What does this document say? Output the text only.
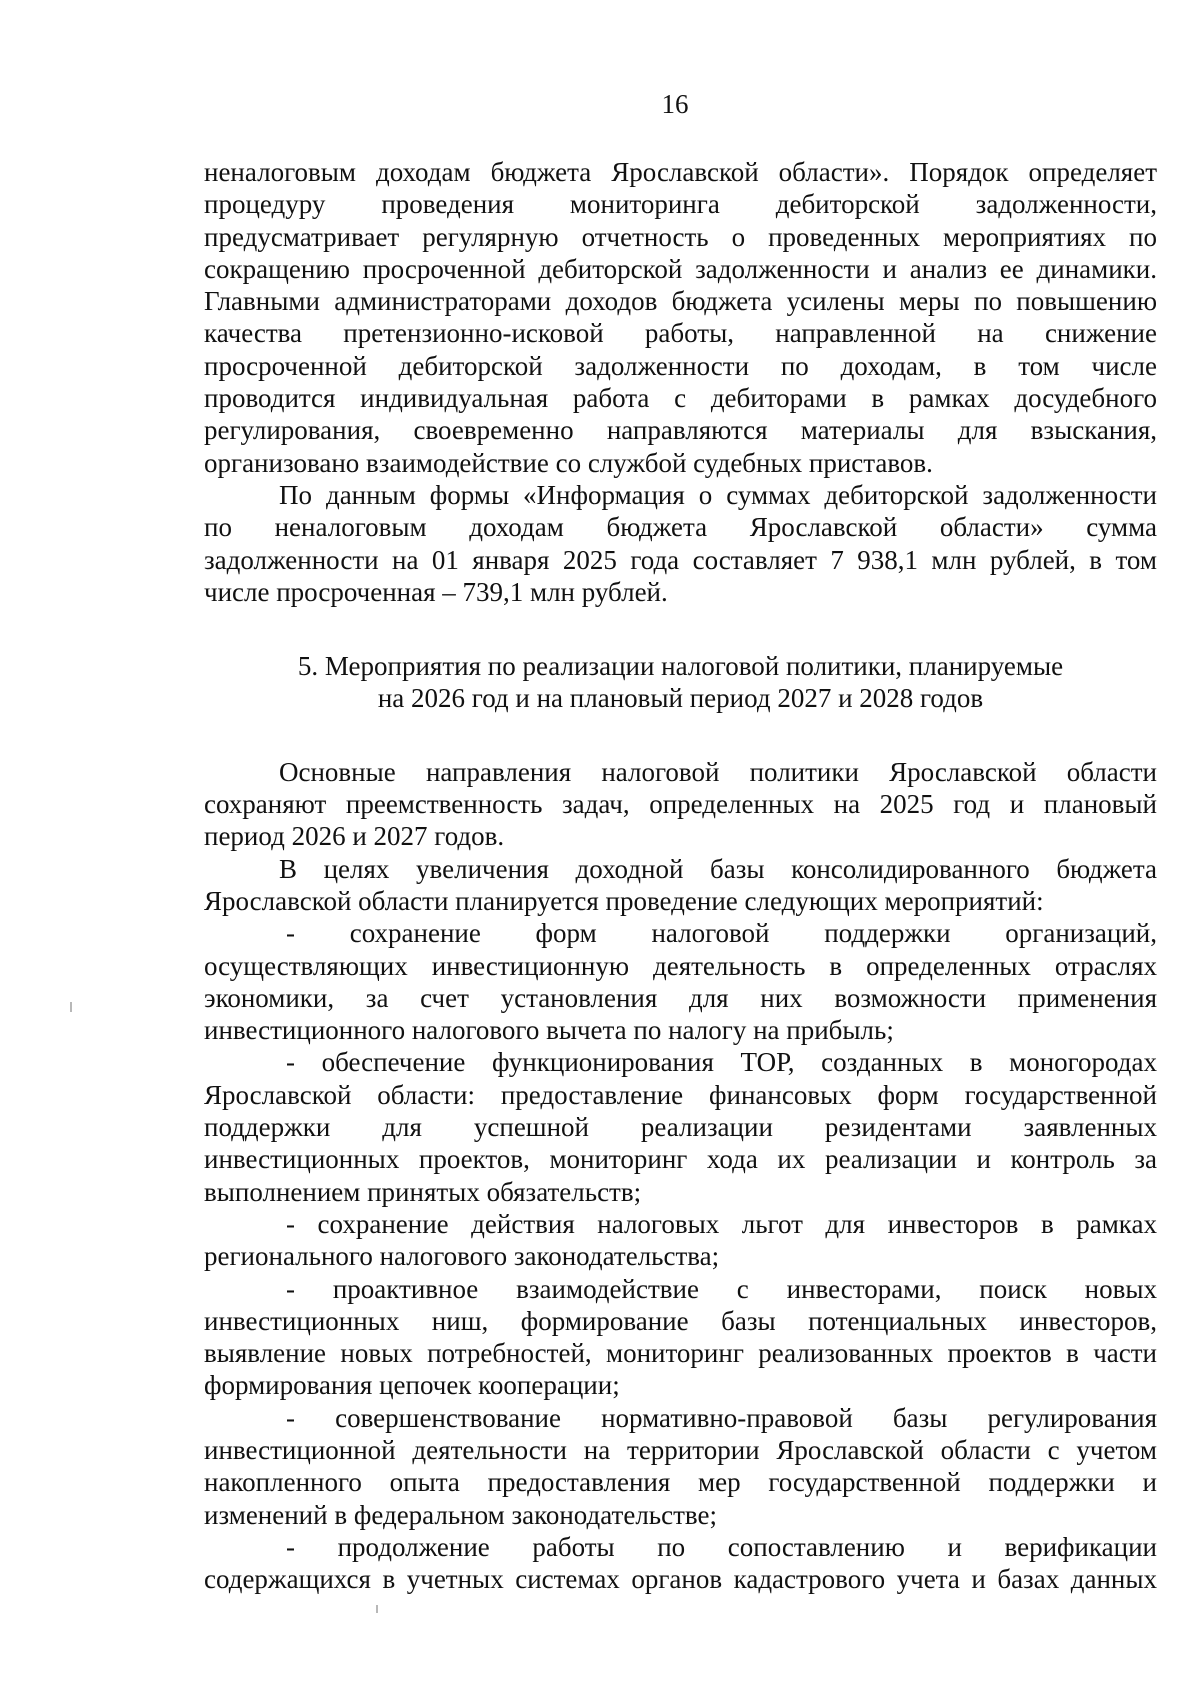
16

неналоговым доходам бюджета Ярославской области». Порядок определяет

процедуру проведения мониторинга дебиторской задолженности,

предусматривает регулярную отчетность о проведенных мероприятиях по

сокращению просроченной дебиторской задолженности и анализ ее динамики.

Главными администраторами доходов бюджета усилены меры по повышению

качества претензионно-исковой работы, направленной на снижение

просроченной дебиторской задолженности по доходам, в том числе

проводится индивидуальная работа с дебиторами в рамках досудебного

регулирования, своевременно направляются материалы для взыскания,

организовано взаимодействие со службой судебных приставов.

По данным формы «Информация о суммах дебиторской задолженности

по неналоговым доходам бюджета Ярославской области» сумма

задолженности на 01 января 2025 года составляет 7 938,1 млн рублей, в том

числе просроченная – 739,1 млн рублей.

5. Мероприятия по реализации налоговой политики, планируемые
на 2026 год и на плановый период 2027 и 2028 годов

Основные направления налоговой политики Ярославской области

сохраняют преемственность задач, определенных на 2025 год и плановый

период 2026 и 2027 годов.

В целях увеличения доходной базы консолидированного бюджета

Ярославской области планируется проведение следующих мероприятий:

- сохранение форм налоговой поддержки организаций,

осуществляющих инвестиционную деятельность в определенных отраслях

экономики, за счет установления для них возможности применения

инвестиционного налогового вычета по налогу на прибыль;

- обеспечение функционирования ТОР, созданных в моногородах

Ярославской области: предоставление финансовых форм государственной

поддержки для успешной реализации резидентами заявленных

инвестиционных проектов, мониторинг хода их реализации и контроль за

выполнением принятых обязательств;

- сохранение действия налоговых льгот для инвесторов в рамках

регионального налогового законодательства;

- проактивное взаимодействие с инвесторами, поиск новых

инвестиционных ниш, формирование базы потенциальных инвесторов,

выявление новых потребностей, мониторинг реализованных проектов в части

формирования цепочек кооперации;

- совершенствование нормативно-правовой базы регулирования

инвестиционной деятельности на территории Ярославской области с учетом

накопленного опыта предоставления мер государственной поддержки и

изменений в федеральном законодательстве;

- продолжение работы по сопоставлению и верификации

содержащихся в учетных системах органов кадастрового учета и базах данных
